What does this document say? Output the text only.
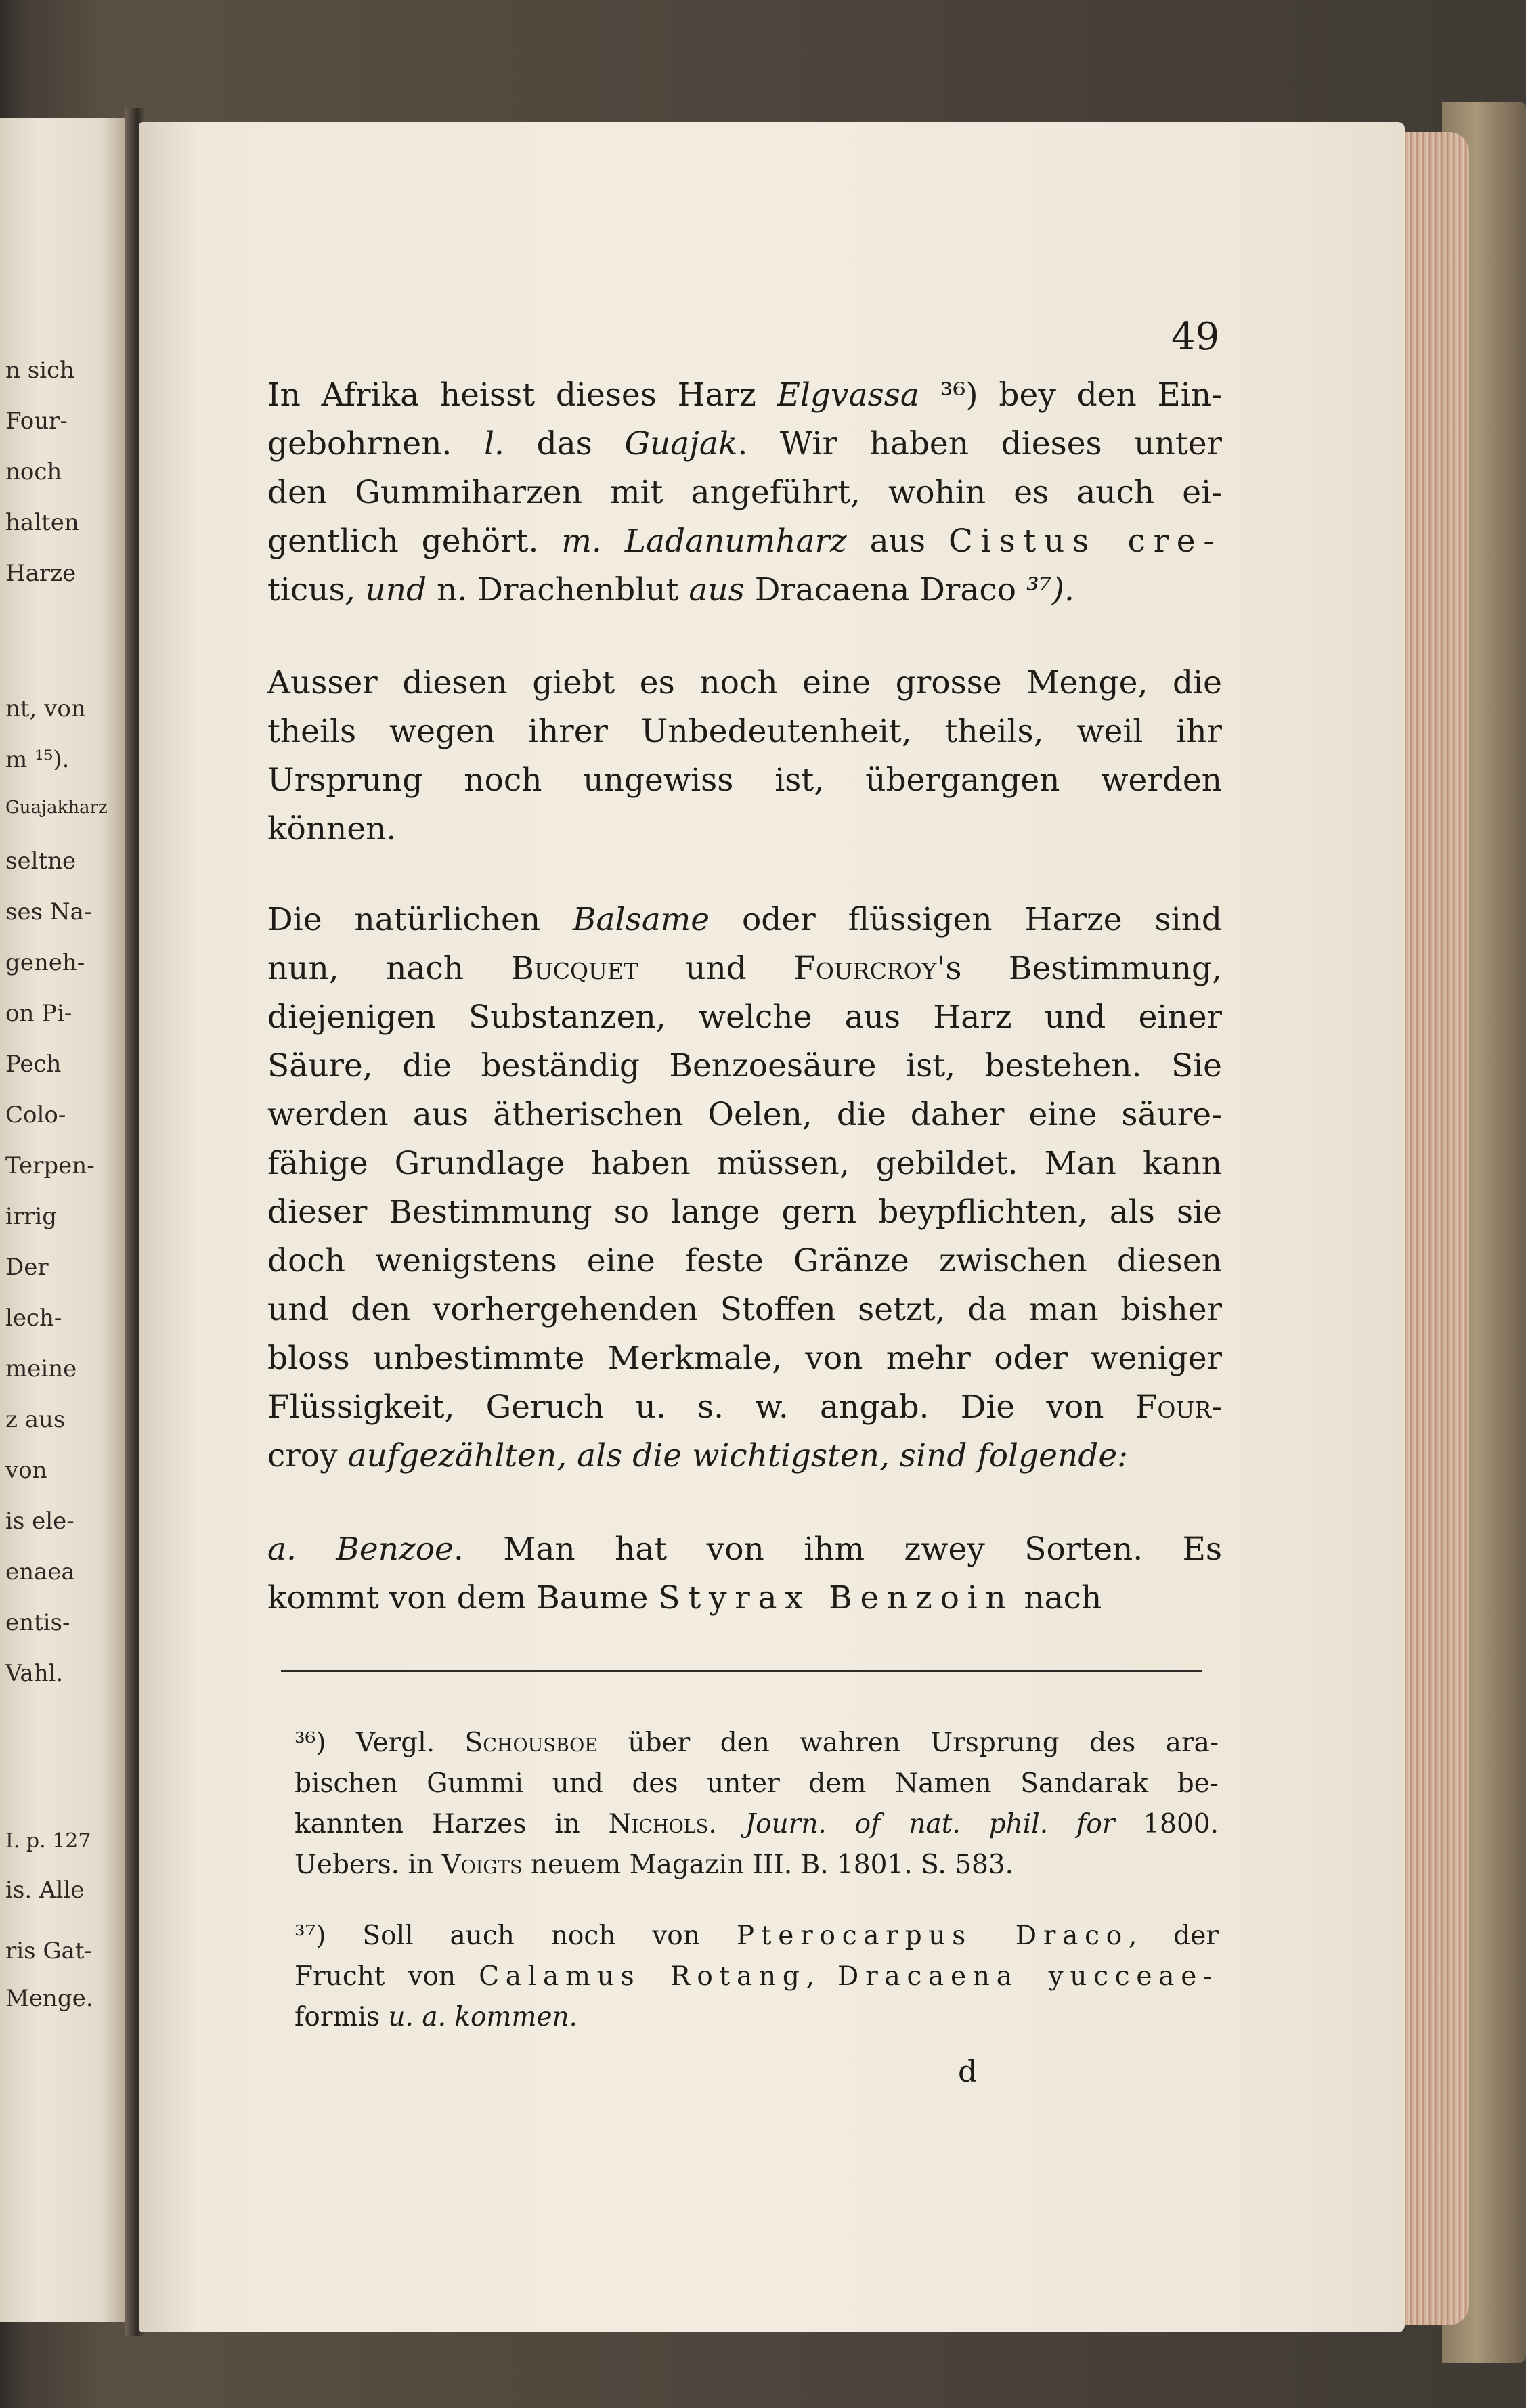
n sich
Four-
noch
halten
Harze
nt, von
m ¹⁵).
Guajakharz
seltne
ses Na-
geneh-
on Pi-
Pech
Colo-
Terpen-
irrig
Der
lech-
meine
z aus
von
is ele-
enaea
entis-
Vahl.
I. p. 127
is. Alle
ris Gat-
Menge.
49
In Afrika heisst dieses Harz Elgvassa ³⁶) bey den Ein-
gebohrnen. l. das Guajak. Wir haben dieses unter
den Gummiharzen mit angeführt, wohin es auch ei-
gentlich gehört. m. Ladanumharz aus Cistus cre-
ticus, und n. Drachenblut aus Dracaena Draco ³⁷).
Ausser diesen giebt es noch eine grosse Menge, die
theils wegen ihrer Unbedeutenheit, theils, weil ihr
Ursprung noch ungewiss ist, übergangen werden
können.
Die natürlichen Balsame oder flüssigen Harze sind
nun, nach Bucquet und Fourcroy's Bestimmung,
diejenigen Substanzen, welche aus Harz und einer
Säure, die beständig Benzoesäure ist, bestehen. Sie
werden aus ätherischen Oelen, die daher eine säure-
fähige Grundlage haben müssen, gebildet. Man kann
dieser Bestimmung so lange gern beypflichten, als sie
doch wenigstens eine feste Gränze zwischen diesen
und den vorhergehenden Stoffen setzt, da man bisher
bloss unbestimmte Merkmale, von mehr oder weniger
Flüssigkeit, Geruch u. s. w. angab. Die von Four-
croy aufgezählten, als die wichtigsten, sind folgende:
a. Benzoe. Man hat von ihm zwey Sorten. Es
kommt von dem Baume Styrax Benzoin nach
³⁶) Vergl. Schousboe über den wahren Ursprung des ara-
bischen Gummi und des unter dem Namen Sandarak be-
kannten Harzes in Nichols. Journ. of nat. phil. for 1800.
Uebers. in Voigts neuem Magazin III. B. 1801. S. 583.
³⁷) Soll auch noch von Pterocarpus Draco, der
Frucht von Calamus Rotang, Dracaena yucceae-
formis u. a. kommen.
d
